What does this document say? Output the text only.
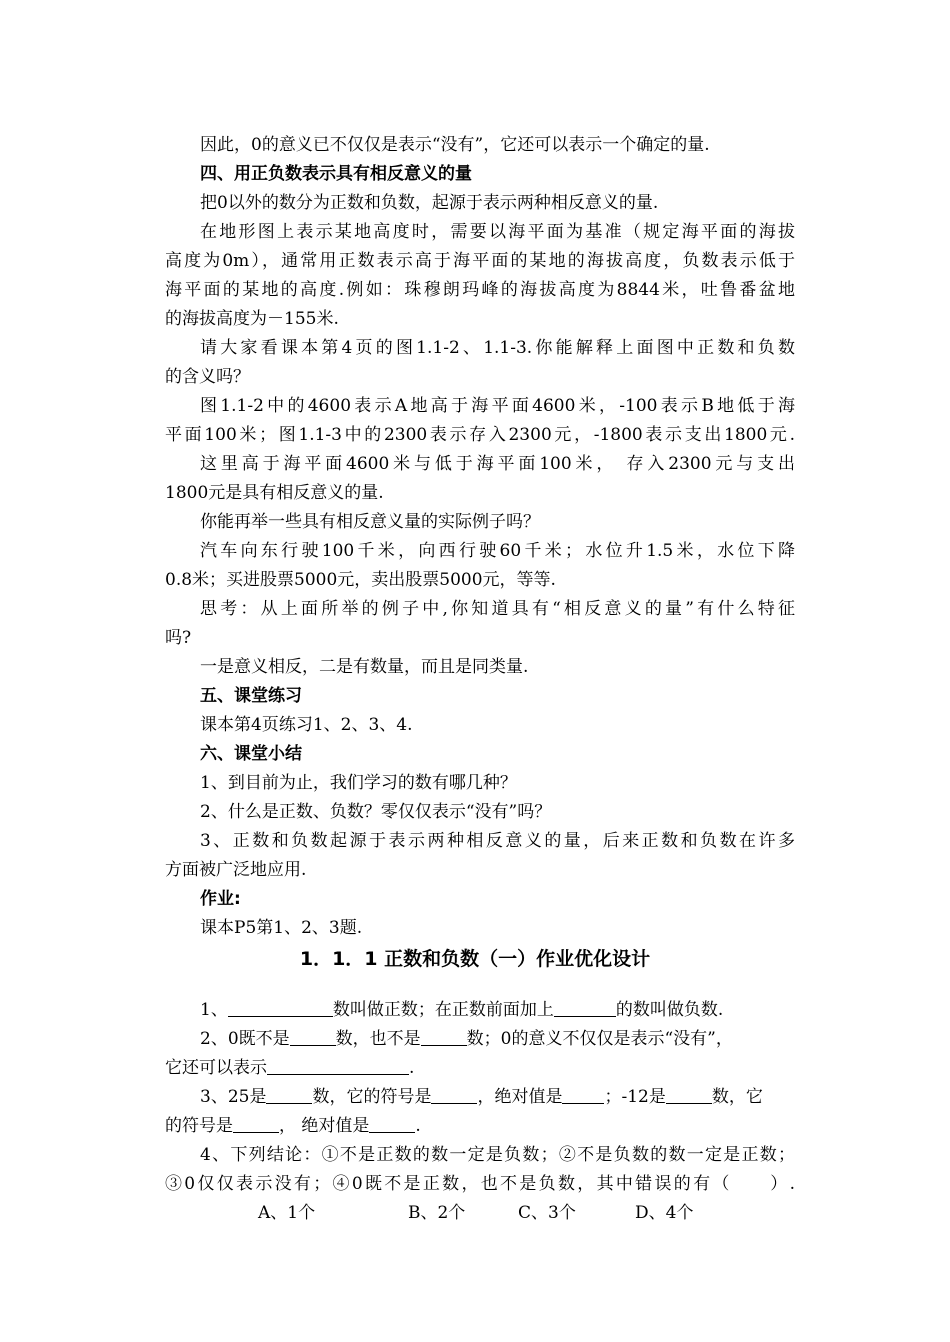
因此，0的意义已不仅仅是表示“没有”，它还可以表示一个确定的量.
四、用正负数表示具有相反意义的量
把0以外的数分为正数和负数，起源于表示两种相反意义的量.
在地形图上表示某地高度时，需要以海平面为基准（规定海平面的海拔
高度为0m），通常用正数表示高于海平面的某地的海拔高度，负数表示低于
海平面的某地的高度.例如：珠穆朗玛峰的海拔高度为8844米，吐鲁番盆地
的海拔高度为－155米.
请大家看课本第4页的图1.1-2、1.1-3.你能解释上面图中正数和负数
的含义吗？
图1.1-2中的4600表示A地高于海平面4600米，-100表示B地低于海
平面100米；图1.1-3中的2300表示存入2300元，-1800表示支出1800元.
这里高于海平面4600米与低于海平面100米， 存入2300元与支出
1800元是具有相反意义的量.
你能再举一些具有相反意义量的实际例子吗？
汽车向东行驶100千米，向西行驶60千米；水位升1.5米，水位下降
0.8米；买进股票5000元，卖出股票5000元，等等.
思考：从上面所举的例子中,你知道具有“相反意义的量”有什么特征
吗?
一是意义相反，二是有数量，而且是同类量.
五、课堂练习
课本第4页练习1、2、3、4.
六、课堂小结
1、到目前为止，我们学习的数有哪几种？
2、什么是正数、负数？零仅仅表示“没有”吗？
3、正数和负数起源于表示两种相反意义的量，后来正数和负数在许多
方面被广泛地应用.
作业:
课本P5第1、2、3题.
1．1．1 正数和负数（一）作业优化设计
1、	数叫做正数；在正数前面加上	的数叫做负数.
2、0既不是	数，也不是	数；0的意义不仅仅是表示“没有”，
它还可以表示	.
3、25是	数，它的符号是	，绝对值是 ；-12是	数，它
的符号是	， 绝对值是	.
4、下列结论：①不是正数的数一定是负数；②不是负数的数一定是正数；
③0仅仅表示没有；④0既不是正数，也不是负数，其中错误的有（　　）.
A、1个	B、2个	C、3个	D、4个
